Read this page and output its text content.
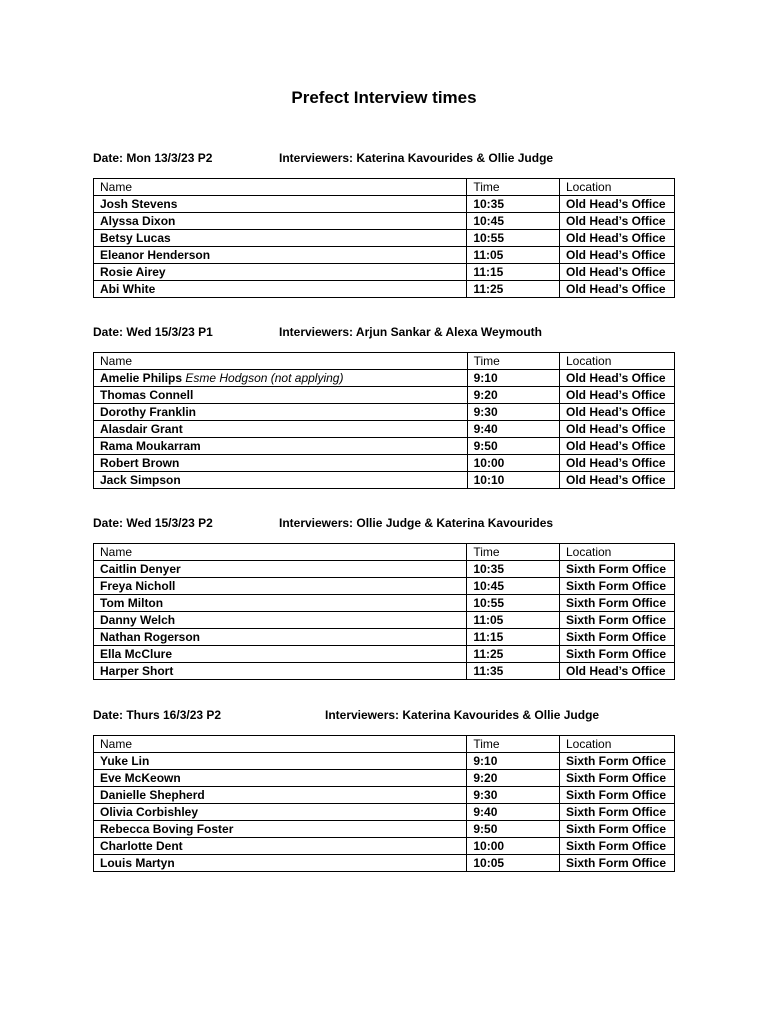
Prefect Interview times
Date: Mon 13/3/23 P2	Interviewers: Katerina Kavourides & Ollie Judge
Name	Time	Location
Josh Stevens	10:35	Old Head’s Office
Alyssa Dixon	10:45	Old Head’s Office
Betsy Lucas	10:55	Old Head’s Office
Eleanor Henderson	11:05	Old Head’s Office
Rosie Airey	11:15	Old Head’s Office
Abi White	11:25	Old Head’s Office
Date: Wed 15/3/23 P1	Interviewers: Arjun Sankar & Alexa Weymouth
Name	Time	Location
Amelie Philips Esme Hodgson (not applying)	9:10	Old Head’s Office
Thomas Connell	9:20	Old Head’s Office
Dorothy Franklin	9:30	Old Head’s Office
Alasdair Grant	9:40	Old Head’s Office
Rama Moukarram	9:50	Old Head’s Office
Robert Brown	10:00	Old Head’s Office
Jack Simpson	10:10	Old Head’s Office
Date: Wed 15/3/23 P2	Interviewers: Ollie Judge & Katerina Kavourides
Name	Time	Location
Caitlin Denyer	10:35	Sixth Form Office
Freya Nicholl	10:45	Sixth Form Office
Tom Milton	10:55	Sixth Form Office
Danny Welch	11:05	Sixth Form Office
Nathan Rogerson	11:15	Sixth Form Office
Ella McClure	11:25	Sixth Form Office
Harper Short	11:35	Old Head’s Office
Date: Thurs 16/3/23 P2	Interviewers: Katerina Kavourides & Ollie Judge
Name	Time	Location
Yuke Lin	9:10	Sixth Form Office
Eve McKeown	9:20	Sixth Form Office
Danielle Shepherd	9:30	Sixth Form Office
Olivia Corbishley	9:40	Sixth Form Office
Rebecca Boving Foster	9:50	Sixth Form Office
Charlotte Dent	10:00	Sixth Form Office
Louis Martyn	10:05	Sixth Form Office
